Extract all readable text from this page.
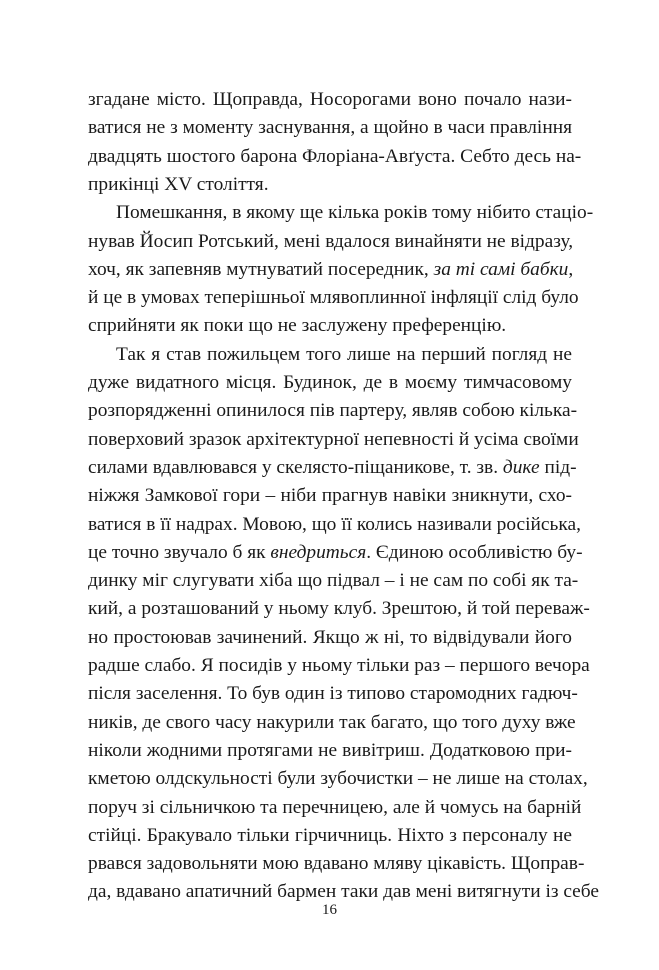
згадане місто. Щоправда, Носорогами воно почало нази-
ватися не з моменту заснування, а щойно в часи правління
двадцять шостого барона Флоріана-Авґуста. Себто десь на-
прикінці XV століття.
Помешкання, в якому ще кілька років тому нібито стаціо-
нував Йосип Ротський, мені вдалося винайняти не відразу,
хоч, як запевняв мутнуватий посередник, за ті самі бабки,
й це в умовах теперішньої млявоплинної інфляції слід було
сприйняти як поки що не заслужену преференцію.
Так я став пожильцем того лише на перший погляд не
дуже видатного місця. Будинок, де в моєму тимчасовому
розпорядженні опинилося пів партеру, являв собою кілька-
поверховий зразок архітектурної непевності й усіма своїми
силами вдавлювався у скелясто-піщаникове, т. зв. дике під-
ніжжя Замкової гори – ніби прагнув навіки зникнути, схо-
ватися в її надрах. Мовою, що її колись називали російська,
це точно звучало б як внедриться. Єдиною особливістю бу-
динку міг слугувати хіба що підвал – і не сам по собі як та-
кий, а розташований у ньому клуб. Зрештою, й той переваж-
но простоював зачинений. Якщо ж ні, то відвідували його
радше слабо. Я посидів у ньому тільки раз – першого вечора
після заселення. То був один із типово старомодних гадюч-
ників, де свого часу накурили так багато, що того духу вже
ніколи жодними протягами не вивітриш. Додатковою при-
кметою олдскульності були зубочистки – не лише на столах,
поруч зі сільничкою та перечницею, але й чомусь на барній
стійці. Бракувало тільки гірчичниць. Ніхто з персоналу не
рвався задовольняти мою вдавано мляву цікавість. Щоправ-
да, вдавано апатичний бармен таки дав мені витягнути із себе
16
